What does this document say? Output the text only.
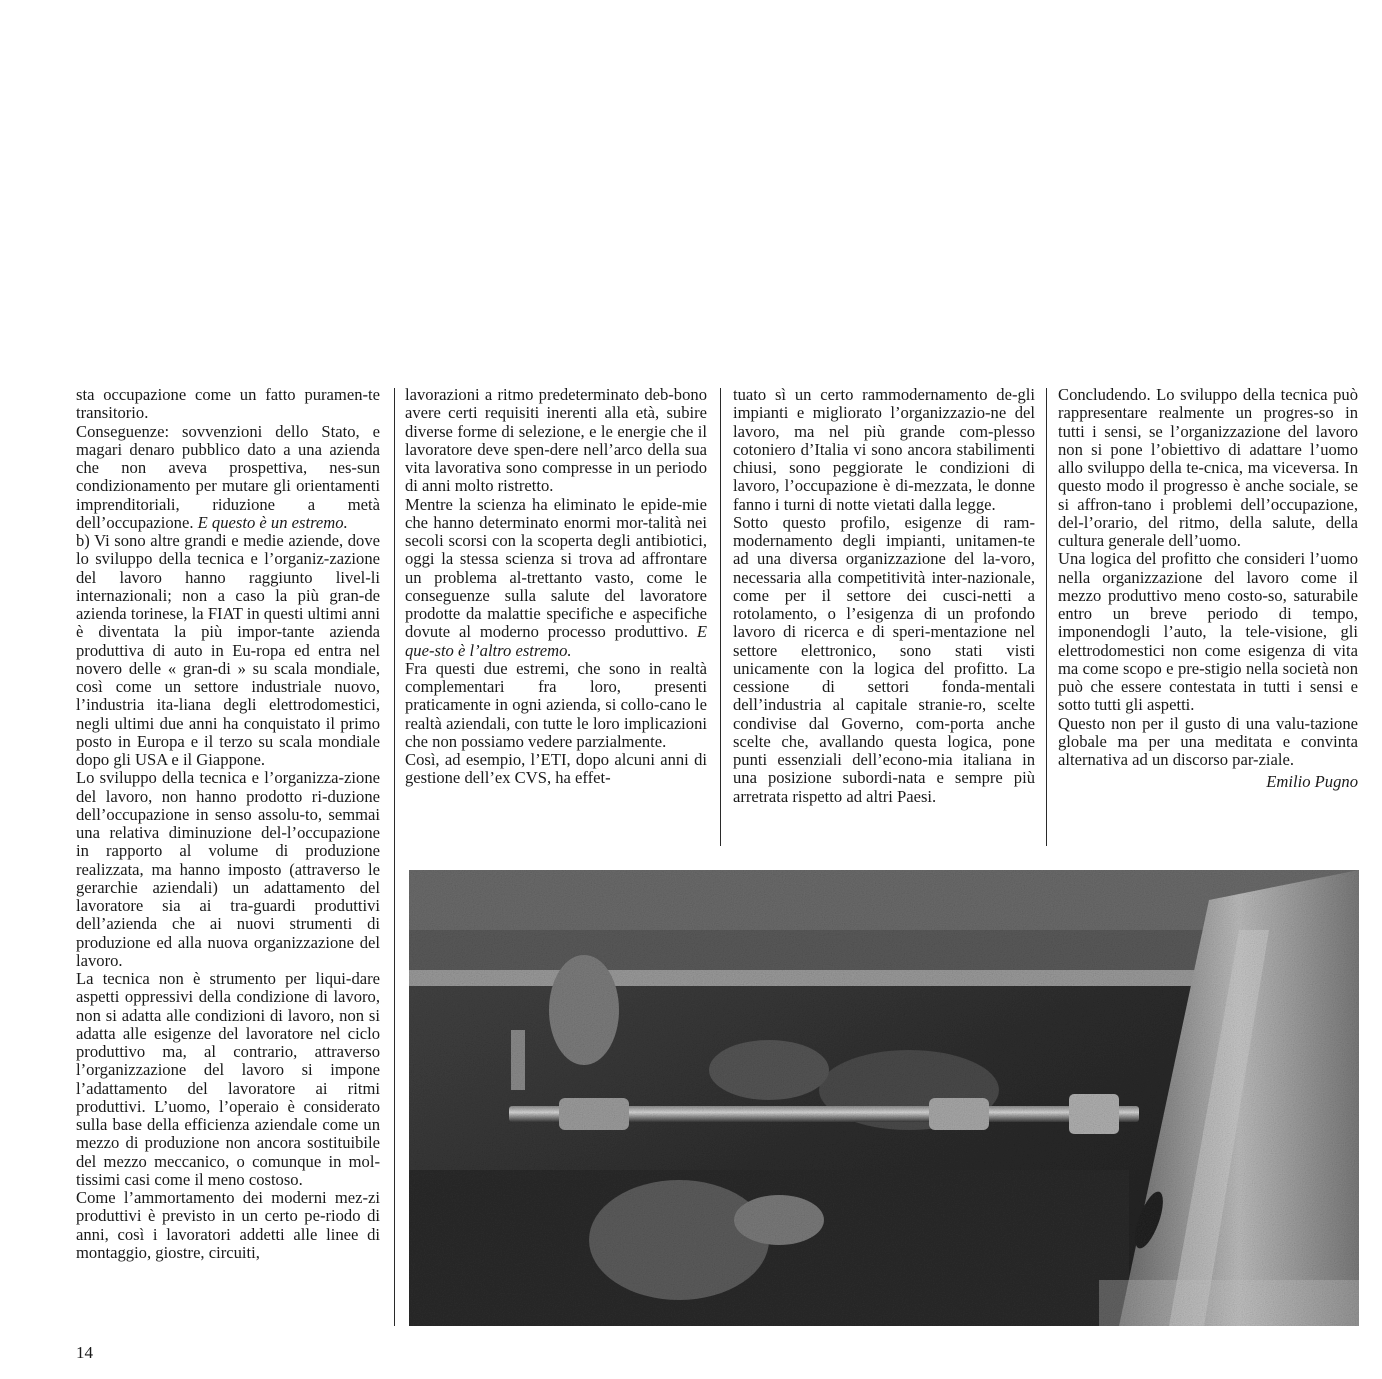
sta occupazione come un fatto puramen-te transitorio.

Conseguenze: sovvenzioni dello Stato, e magari denaro pubblico dato a una azienda che non aveva prospettiva, nes-sun condizionamento per mutare gli orientamenti imprenditoriali, riduzione a metà dell’occupazione. E questo è un estremo.

b) Vi sono altre grandi e medie aziende, dove lo sviluppo della tecnica e l’organiz-zazione del lavoro hanno raggiunto livel-li internazionali; non a caso la più gran-de azienda torinese, la FIAT in questi ultimi anni è diventata la più impor-tante azienda produttiva di auto in Eu-ropa ed entra nel novero delle « gran-di » su scala mondiale, così come un settore industriale nuovo, l’industria ita-liana degli elettrodomestici, negli ultimi due anni ha conquistato il primo posto in Europa e il terzo su scala mondiale dopo gli USA e il Giappone.

Lo sviluppo della tecnica e l’organizza-zione del lavoro, non hanno prodotto ri-duzione dell’occupazione in senso assolu-to, semmai una relativa diminuzione del-l’occupazione in rapporto al volume di produzione realizzata, ma hanno imposto (attraverso le gerarchie aziendali) un adattamento del lavoratore sia ai tra-guardi produttivi dell’azienda che ai nuovi strumenti di produzione ed alla nuova organizzazione del lavoro.

La tecnica non è strumento per liqui-dare aspetti oppressivi della condizione di lavoro, non si adatta alle condizioni di lavoro, non si adatta alle esigenze del lavoratore nel ciclo produttivo ma, al contrario, attraverso l’organizzazione del lavoro si impone l’adattamento del lavoratore ai ritmi produttivi. L’uomo, l’operaio è considerato sulla base della efficienza aziendale come un mezzo di produzione non ancora sostituibile del mezzo meccanico, o comunque in mol-tissimi casi come il meno costoso.

Come l’ammortamento dei moderni mez-zi produttivi è previsto in un certo pe-riodo di anni, così i lavoratori addetti alle linee di montaggio, giostre, circuiti,

lavorazioni a ritmo predeterminato deb-bono avere certi requisiti inerenti alla età, subire diverse forme di selezione, e le energie che il lavoratore deve spen-dere nell’arco della sua vita lavorativa sono compresse in un periodo di anni molto ristretto.

Mentre la scienza ha eliminato le epide-mie che hanno determinato enormi mor-talità nei secoli scorsi con la scoperta degli antibiotici, oggi la stessa scienza si trova ad affrontare un problema al-trettanto vasto, come le conseguenze sulla salute del lavoratore prodotte da malattie specifiche e aspecifiche dovute al moderno processo produttivo. E que-sto è l’altro estremo.

Fra questi due estremi, che sono in realtà complementari fra loro, presenti praticamente in ogni azienda, si collo-cano le realtà aziendali, con tutte le loro implicazioni che non possiamo vedere parzialmente.

Così, ad esempio, l’ETI, dopo alcuni anni di gestione dell’ex CVS, ha effet-

tuato sì un certo rammodernamento de-gli impianti e migliorato l’organizzazio-ne del lavoro, ma nel più grande com-plesso cotoniero d’Italia vi sono ancora stabilimenti chiusi, sono peggiorate le condizioni di lavoro, l’occupazione è di-mezzata, le donne fanno i turni di notte vietati dalla legge.

Sotto questo profilo, esigenze di ram-modernamento degli impianti, unitamen-te ad una diversa organizzazione del la-voro, necessaria alla competitività inter-nazionale, come per il settore dei cusci-netti a rotolamento, o l’esigenza di un profondo lavoro di ricerca e di speri-mentazione nel settore elettronico, sono stati visti unicamente con la logica del profitto. La cessione di settori fonda-mentali dell’industria al capitale stranie-ro, scelte condivise dal Governo, com-porta anche scelte che, avallando questa logica, pone punti essenziali dell’econo-mia italiana in una posizione subordi-nata e sempre più arretrata rispetto ad altri Paesi.

Concludendo. Lo sviluppo della tecnica può rappresentare realmente un progres-so in tutti i sensi, se l’organizzazione del lavoro non si pone l’obiettivo di adattare l’uomo allo sviluppo della te-cnica, ma viceversa. In questo modo il progresso è anche sociale, se si affron-tano i problemi dell’occupazione, del-l’orario, del ritmo, della salute, della cultura generale dell’uomo.

Una logica del profitto che consideri l’uomo nella organizzazione del lavoro come il mezzo produttivo meno costo-so, saturabile entro un breve periodo di tempo, imponendogli l’auto, la tele-visione, gli elettrodomestici non come esigenza di vita ma come scopo e pre-stigio nella società non può che essere contestata in tutti i sensi e sotto tutti gli aspetti.

Questo non per il gusto di una valu-tazione globale ma per una meditata e convinta alternativa ad un discorso par-ziale.

Emilio Pugno

14
